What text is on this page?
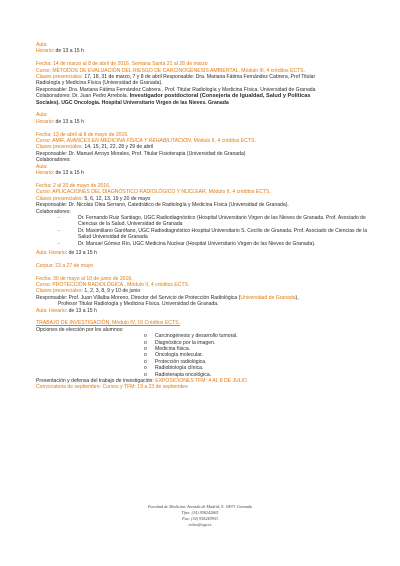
Aula:
Horario: de 13 a 15 h
Fecha: 14 de marzo al 8 de abril de 2016. Semana Santa 21 al 28 de marzo
Curso: MÉTODOS DE EVALUACIÓN DEL RIESGO DE CARCINOGÉNESIS AMBIENTAL. Módulo III, 4 créditos ECTS.
Clases presenciales: 17, 18, 31 de marzo, 7 y 8 de abril Responsable: Dra. Mariana Fátima Fernández Cabrera, Prof Titular
Radiología y Medicina Física (Universidad de Granada).
Responsable: Dra. Mariana Fátima Fernández Cabrera . Prof. Titular Radiología y Medicina Física. Universidad de Granada
Colaboradores: Dr. Juan Pedro Arrebola. Investigador postdoctoral (Consejería de Igualdad, Salud y Políticas
Sociales). UGC Oncología. Hospital Universitario Virgen de las Nieves. Granada
Aula:
Horario: de 13 a 15 h
Fecha: 13 de abril al 8 de mayo de 2016.
Curso: AMIF, AVANCES EN MEDICINA FÍSICA Y REHABILITACIÓN, Módulo II, 4 créditos ECTS.
Clases presenciales: 14, 15, 21, 22, 28 y 29 de abril
Responsable: Dr. Manuel Arroyo Morales, Prof. Titular Fisioterapia (Universidad de Granada)
Colaboradores:
Aula:
Horario: de 13 a 15 h
Fecha: 2 al 20 de mayo de 2016.
Curso: APLICACIONES DEL DIAGNÓSTICO RADIOLÓGICO Y NUCLEAR, Módulo II, 4 créditos ECTS.
Clases presenciales: 5, 6, 12, 13, 19 y 20 de mayo
Responsable: Dr. Nicolás Olea Serrano, Catedrático de Radiología y Medicina Física (Universidad de Granada).
Colaboradores:
-	Dr. Fernando Ruiz Santiago, UGC Radiodiagnóstico (Hospital Universitario Virgen de las Nieves de Granada. Prof. Asociado de Ciencias de la Salud. Universidad de Granada
-	Dr. Maximiliano Garófano, UGC Radiodiagnóstico Hospital Universitario S. Cecilio de Granada. Prof. Asociado de Ciencias de la Salud Universidad de Granada
-	Dr. Manuel Gómez Río, UGC Medicina Nuclear (Hospital Universitario Virgen de las Nieves de Granada).
Aula: Horario: de 13 a 15 h
Corpus: 23 a 27 de mayo
Fecha: 30 de mayo al 10 de junio de 2016.
Curso: PROTECCIÓN RADIOLÓGICA , Módulo II, 4 créditos ECTS.
Clases presenciales: 1, 2, 3, 8, 9 y 10 de junio
Responsable: Prof. Juan Villalba Moreno, Director del Servicio de Protección Radiológica (Universidad de Granada),
Profesor Titular Radiología y Medicina Física. Universidad de Granada.
Aula: Horario: de 13 a 15 h
TRABAJO DE INVESTIGACIÓN, Módulo IV, 16 Créditos ECTS.
Opciones de elección por los alumnos:
o	Carcinogénesis y desarrollo tumoral.
o	Diagnóstico por la imagen.
o	Medicina física.
o	Oncología molecular.
o	Protección radiológica.
o	Radiobiología clínica.
o	Radioterapia oncológica.
Presentación y defensa del trabajo de investigación: EXPOSICIONES TFM: 4 AL 8 DE JULIO
Convocatoria de septiembre: Cursos y TFM: 19 a 23 de septiembre
Facultad de Medicina. Avenida de Madrid, 9. 18071 Granada
Tfno: (34) 958242865
Fax: (34) 958249953
nolea@ugr.es
